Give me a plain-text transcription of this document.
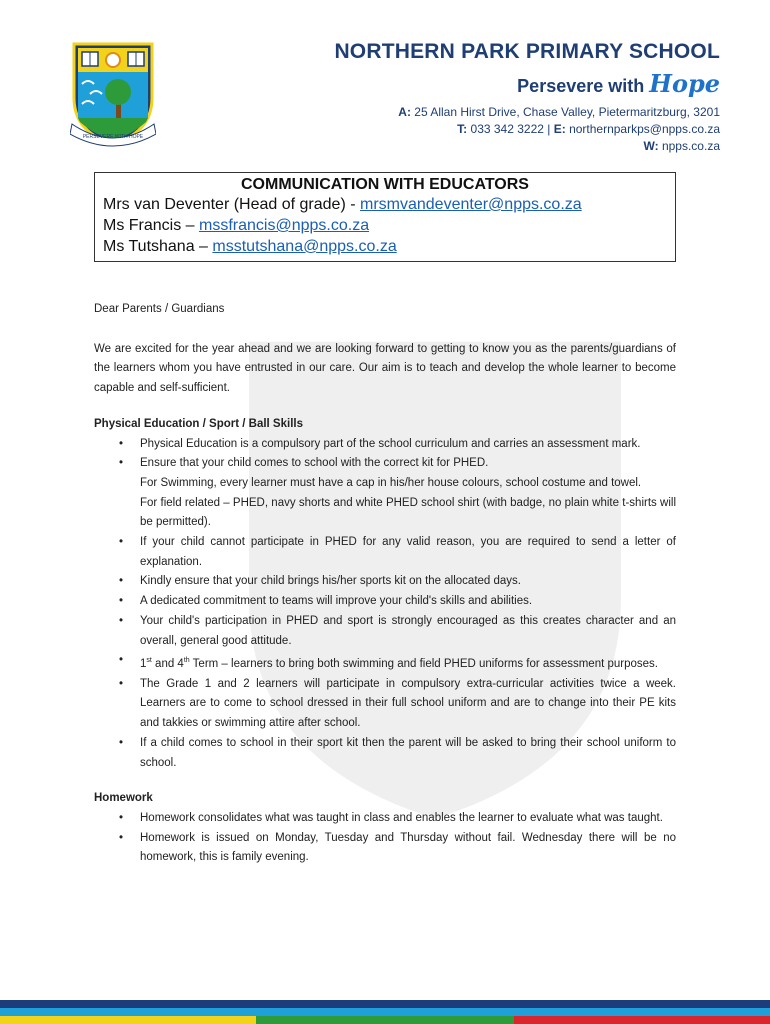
PERSEVERE WITH HOPE
NORTHERN PARK PRIMARY SCHOOL
Persevere with Hope
A: 25 Allan Hirst Drive, Chase Valley, Pietermaritzburg, 3201
T: 033 342 3222 | E: northernparkps@npps.co.za
W: npps.co.za
COMMUNICATION WITH EDUCATORS
Mrs van Deventer (Head of grade) - mrsmvandeventer@npps.co.za
Ms Francis – mssfrancis@npps.co.za
Ms Tutshana – msstutshana@npps.co.za

Dear Parents / Guardians

We are excited for the year ahead and we are looking forward to getting to know you as the parents/guardians of the learners whom you have entrusted in our care. Our aim is to teach and develop the whole learner to become capable and self-sufficient.

Physical Education / Sport / Ball Skills

• Physical Education is a compulsory part of the school curriculum and carries an assessment mark.
• Ensure that your child comes to school with the correct kit for PHED.
For Swimming, every learner must have a cap in his/her house colours, school costume and towel.
For field related – PHED, navy shorts and white PHED school shirt (with badge, no plain white t-shirts will be permitted).
• If your child cannot participate in PHED for any valid reason, you are required to send a letter of explanation.
• Kindly ensure that your child brings his/her sports kit on the allocated days.
• A dedicated commitment to teams will improve your child's skills and abilities.
• Your child's participation in PHED and sport is strongly encouraged as this creates character and an overall, general good attitude.
• 1st and 4th Term – learners to bring both swimming and field PHED uniforms for assessment purposes.
• The Grade 1 and 2 learners will participate in compulsory extra-curricular activities twice a week. Learners are to come to school dressed in their full school uniform and are to change into their PE kits and takkies or swimming attire after school.
• If a child comes to school in their sport kit then the parent will be asked to bring their school uniform to school.

Homework

• Homework consolidates what was taught in class and enables the learner to evaluate what was taught.
• Homework is issued on Monday, Tuesday and Thursday without fail. Wednesday there will be no homework, this is family evening.
